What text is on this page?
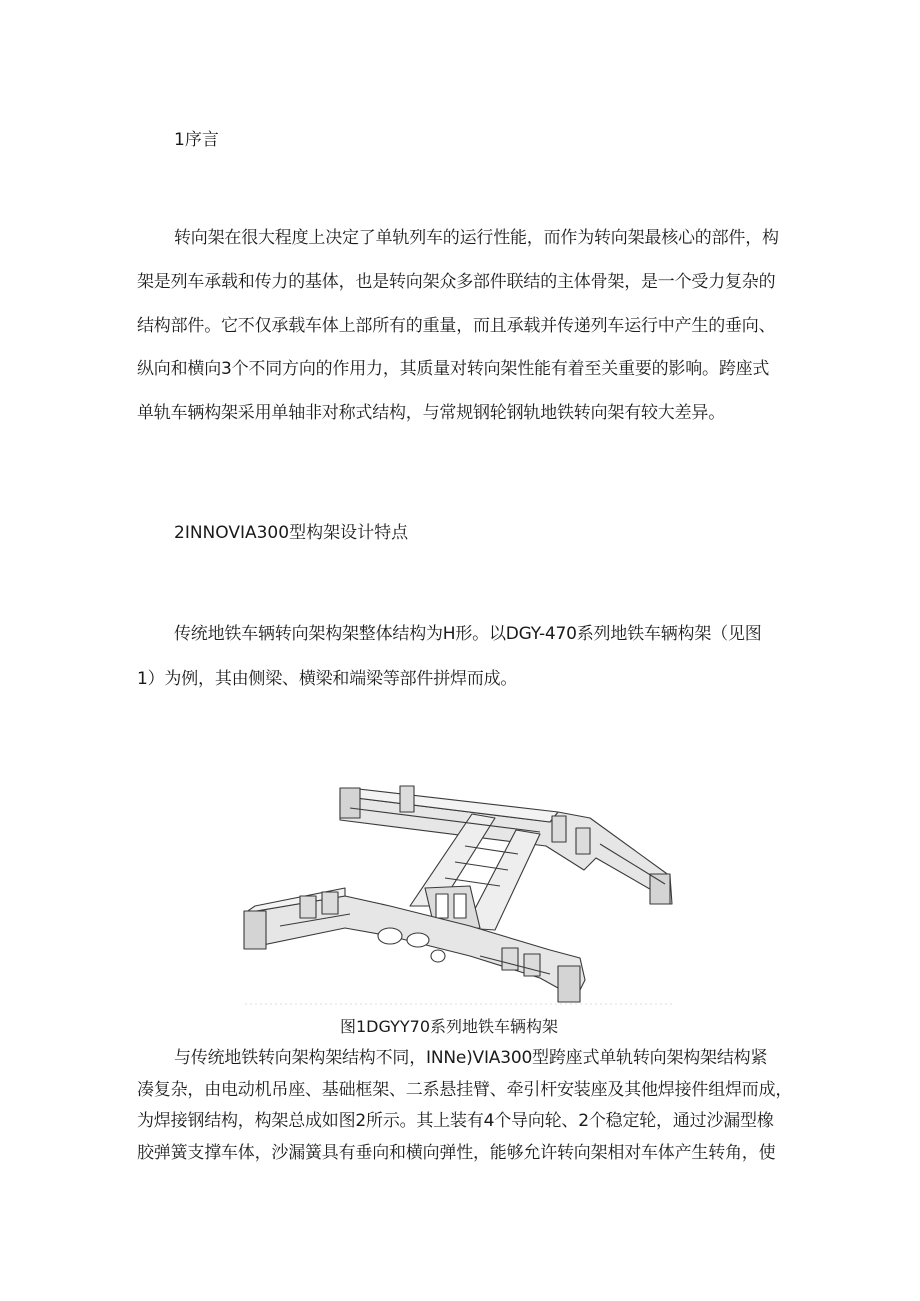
1序言
转向架在很大程度上决定了单轨列车的运行性能，而作为转向架最核心的部件，构
架是列车承载和传力的基体，也是转向架众多部件联结的主体骨架，是一个受力复杂的
结构部件。它不仅承载车体上部所有的重量，而且承载并传递列车运行中产生的垂向、
纵向和横向3个不同方向的作用力，其质量对转向架性能有着至关重要的影响。跨座式
单轨车辆构架采用单轴非对称式结构，与常规钢轮钢轨地铁转向架有较大差异。
2INNOVIA300型构架设计特点
传统地铁车辆转向架构架整体结构为H形。以DGY-470系列地铁车辆构架（见图
1）为例，其由侧梁、横梁和端梁等部件拼焊而成。
图1DGYY70系列地铁车辆构架
与传统地铁转向架构架结构不同，INNe)VIA300型跨座式单轨转向架构架结构紧
凑复杂，由电动机吊座、基础框架、二系悬挂臂、牵引杆安装座及其他焊接件组焊而成，
为焊接钢结构，构架总成如图2所示。其上装有4个导向轮、2个稳定轮，通过沙漏型橡
胶弹簧支撑车体，沙漏簧具有垂向和横向弹性，能够允许转向架相对车体产生转角，使
